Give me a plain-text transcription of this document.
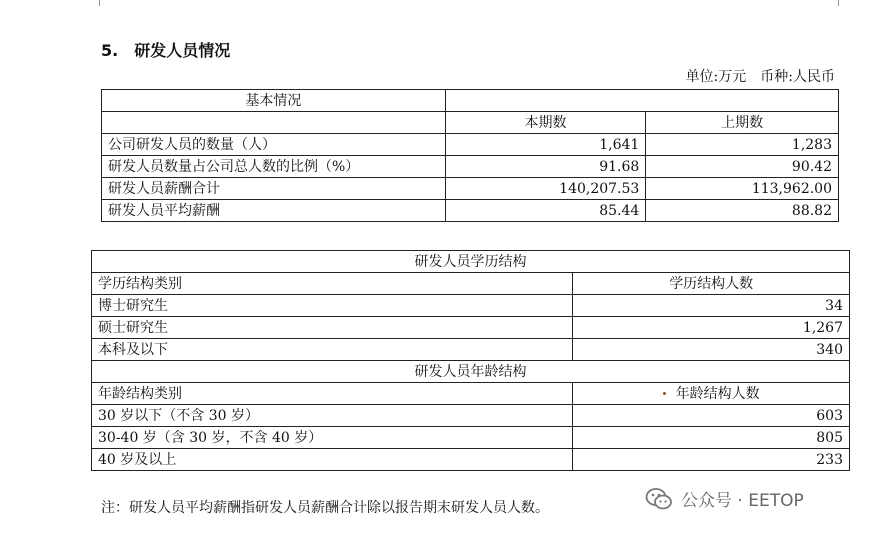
5.　研发人员情况
单位:万元　币种:人民币
基本情况		
	本期数	上期数
公司研发人员的数量（人）	1,641	1,283
研发人员数量占公司总人数的比例（%）	91.68	90.42
研发人员薪酬合计	140,207.53	113,962.00
研发人员平均薪酬	85.44	88.82
研发人员学历结构	
学历结构类别	学历结构人数
博士研究生	34
硕士研究生	1,267
本科及以下	340
研发人员年龄结构	
年龄结构类别	年龄结构人数
30 岁以下（不含 30 岁）	603
30-40 岁（含 30 岁，不含 40 岁）	805
40 岁及以上	233
注：研发人员平均薪酬指研发人员薪酬合计除以报告期末研发人员人数。	公众号 · EETOP
